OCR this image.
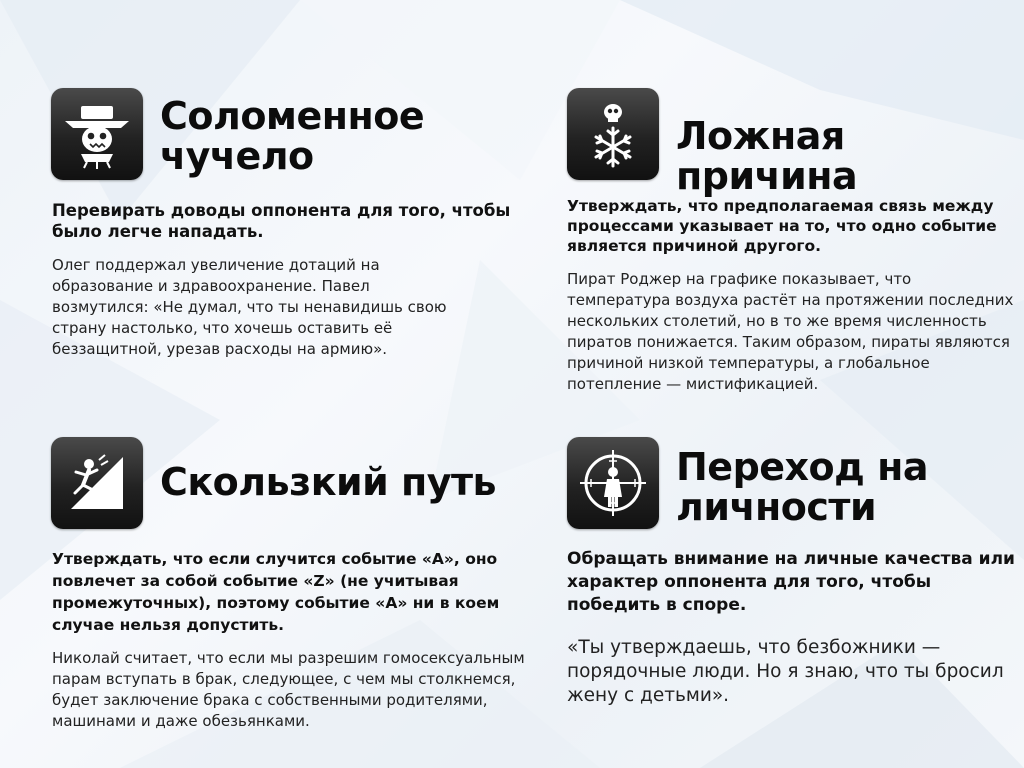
Соломенное чучело
Перевирать доводы оппонента для того, чтобы было легче нападать.
Олег поддержал увеличение дотаций на образование и здравоохранение. Павел возмутился: «Не думал, что ты ненавидишь свою страну настолько, что хочешь оставить её беззащитной, урезав расходы на армию».
Ложная причина
Утверждать, что предполагаемая связь между процессами указывает на то, что одно событие является причиной другого.
Пират Роджер на графике показывает, что температура воздуха растёт на протяжении последних нескольких столетий, но в то же время численность пиратов понижается. Таким образом, пираты являются причиной низкой температуры, а глобальное потепление — мистификацией.
Скользкий путь
Утверждать, что если случится событие «А», оно повлечет за собой событие «Z» (не учитывая промежуточных), поэтому событие «А» ни в коем случае нельзя допустить.
Николай считает, что если мы разрешим гомосексуальным парам вступать в брак, следующее, с чем мы столкнемся, будет заключение брака с собственными родителями, машинами и даже обезьянками.
Переход на личности
Обращать внимание на личные качества или характер оппонента для того, чтобы победить в споре.
«Ты утверждаешь, что безбожники — порядочные люди. Но я знаю, что ты бросил жену с детьми».
